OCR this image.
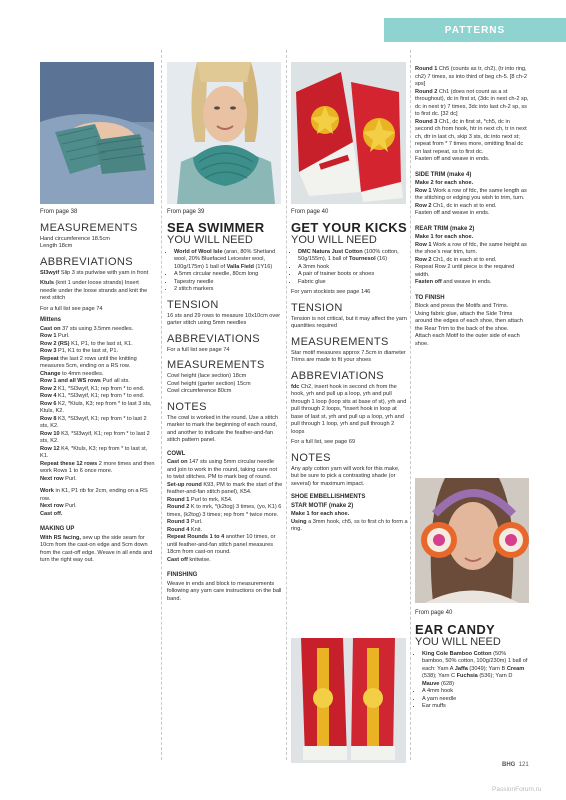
PATTERNS
From page 38
MEASUREMENTS
Hand circumference 18.5cm
Length 18cm
ABBREVIATIONS

Sl3wyif Slip 3 sts purlwise with yarn in front

Ktuls (knit 1 under loose strands) Insert needle under the loose strands and knit the next stitch

For a full list see page 74

Mittens
Cast on 37 sts using 3.5mm needles.
Row 1 Purl.
Row 2 (RS) K1, P1, to the last st, K1.
Row 3 P1, K1 to the last st, P1.
Repeat the last 2 rows until the knitting measures 5cm, ending on a RS row.
Change to 4mm needles.
Row 1 and all WS rows Purl all sts.
Row 2 K1, *Sl3wyif, K1; rep from * to end.
Row 4 K1, *Sl3wyif, K1; rep from * to end.
Row 6 K2, *Ktuls, K3; rep from * to last 3 sts, Ktuls, K2.
Row 8 K3, *Sl3wyif, K1; rep from * to last 2 sts, K2.
Row 10 K3, *Sl3wyif, K1; rep from * to last 2 sts, K2.
Row 12 K4, *Ktuls, K3; rep from * to last st, K1.
Repeat these 12 rows 2 more times and then work Rows 1 to 6 once more.
Next row Purl.
Work in K1, P1 rib for 2cm, ending on a RS row.
Next row Purl.
Cast off.
MAKING UP

With RS facing, sew up the side seam for 10cm from the cast-on edge and 5cm down from the cast-off edge. Weave in all ends and turn the right way out.

From page 39
SEA SWIMMER
YOU WILL NEED
• World of Wool Isle (aran, 80% Shetland wool, 20% Bluefaced Leicester wool, 100g/175m) 1 ball of Valla Field (1Y16)
• A 5mm circular needle, 80cm long
• Tapestry needle
• 2 stitch markers
TENSION

16 sts and 29 rows to measure 10x10cm over garter stitch using 5mm needles

ABBREVIATIONS

For a full list see page 74

MEASUREMENTS
Cowl height (lace section) 18cm
Cowl height (garter section) 15cm
Cowl circumference 80cm
NOTES

The cowl is worked in the round. Use a stitch marker to mark the beginning of each round, and another to indicate the feather-and-fan stitch pattern panel.

COWL
Cast on 147 sts using 5mm circular needle and join to work in the round, taking care not to twist stitches. PM to mark beg of round.
Set-up round K93, PM to mark the start of the feather-and-fan stitch panel), K54.
Round 1 Purl to mrk, K54.
Round 2 K to mrk, *(k2tog) 3 times, (yo, K1) 6 times, (k2tog) 3 times; rep from * twice more.
Round 3 Purl.
Round 4 Knit.
Repeat Rounds 1 to 4 another 10 times, or until feather-and-fan stitch panel measures 18cm from cast-on round.
Cast off knitwise.
FINISHING

Weave in ends and block to measurements following any yarn care instructions on the ball band.

From page 40
GET YOUR KICKS
YOU WILL NEED
• DMC Natura Just Cotton (100% cotton, 50g/155m), 1 ball of Tournesol (16)
• A 3mm hook
• A pair of trainer boots or shoes
• Fabric glue

For yarn stockists see page 146

TENSION

Tension is not critical, but it may affect the yarn quantities required

MEASUREMENTS
Star motif measures approx 7.5cm in diameter
Trims are made to fit your shoes
ABBREVIATIONS

fdc Ch2, insert hook in second ch from the hook, yrh and pull up a loop, yrh and pull through 1 loop (loop sits at base of st), yrh and pull through 2 loops, *insert hook in loop at base of last st, yrh and pull up a loop, yrh and pull through 1 loop, yrh and pull through 2 loops

For a full list, see page 69

NOTES

Any aply cotton yarn will work for this make, but be sure to pick a contrasting shade (or several) for maximum impact.

SHOE EMBELLISHMENTS
STAR MOTIF (make 2)
Make 1 for each shoe.
Using a 3mm hook, ch5, ss to first ch to form a ring.
Round 1 Ch5 (counts as tr, ch2), (tr into ring, ch2) 7 times, ss into third of beg ch-5. [8 ch-2 sps]
Round 2 Ch1 (does not count as a st throughout), dc in first st, (3dc in next ch-2 sp, dc in next tr) 7 times, 3dc into last ch-2 sp, ss to first dc. [32 dc]
Round 3 Ch1, dc in first st, *ch5, dc in second ch from hook, htr in next ch, tr in next ch, dtr in last ch, skip 3 sts, dc into next st; repeat from * 7 times more, omitting final dc on last repeat, ss to first dc.
Fasten off and weave in ends.
SIDE TRIM (make 4)
Make 2 for each shoe.
Row 1 Work a row of fdc, the same length as the stitching or edging you wish to trim, turn.
Row 2 Ch1, dc in each st to end.
Fasten off and weave in ends.
REAR TRIM (make 2)
Make 1 for each shoe.
Row 1 Work a row of fdc, the same height as the shoe’s rear trim, turn.
Row 2 Ch1, dc in each st to end.
Repeat Row 2 until piece is the required width.
Fasten off and weave in ends.
TO FINISH
Block and press the Motifs and Trims.
Using fabric glue, attach the Side Trims around the edges of each shoe, then attach the Rear Trim to the back of the shoe.
Attach each Motif to the outer side of each shoe.
From page 40
EAR CANDY
YOU WILL NEED
• King Cole Bamboo Cotton (50% bamboo, 50% cotton, 100g/230m) 1 ball of each: Yarn A Jaffa (3049); Yarn B Cream (538); Yarn C Fuchsia (536); Yarn D Mauve (628)
• A 4mm hook
• A yarn needle
• Ear muffs
BHG 121
PassionForum.ru
